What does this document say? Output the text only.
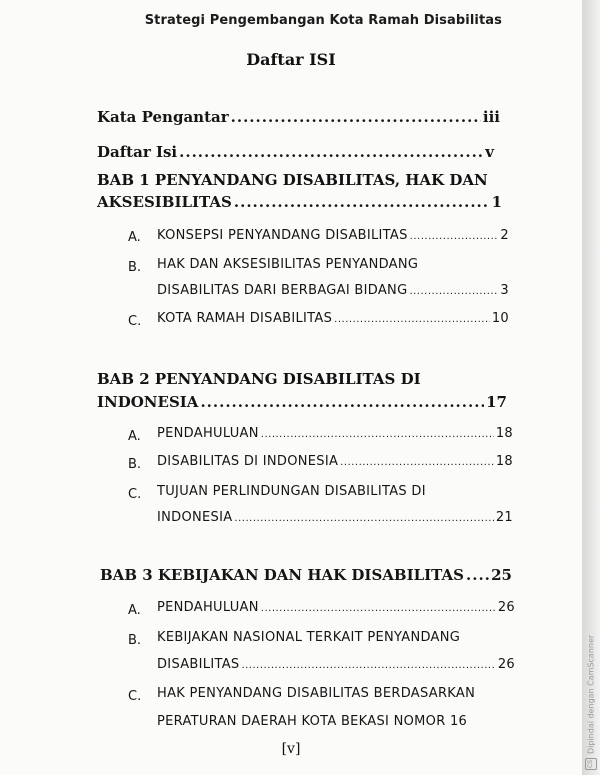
Strategi Pengembangan Kota Ramah Disabilitas
Daftar ISI
Kata Pengantar .....	iii
Daftar Isi .....	v
BAB 1 PENYANDANG DISABILITAS, HAK DAN
AKSESIBILITAS .....	1
A. KONSEPSI PENYANDANG DISABILITAS .....	2
B. HAK DAN AKSESIBILITAS PENYANDANG
DISABILITAS DARI BERBAGAI BIDANG .....	3
C. KOTA RAMAH DISABILITAS .....	10
BAB 2 PENYANDANG DISABILITAS DI
INDONESIA .....	17
A. PENDAHULUAN .....	18
B. DISABILITAS DI INDONESIA .....	18
C. TUJUAN PERLINDUNGAN DISABILITAS DI
INDONESIA .....	21
BAB 3 KEBIJAKAN DAN HAK DISABILITAS ..... 25
A. PENDAHULUAN .....	26
B. KEBIJAKAN NASIONAL TERKAIT PENYANDANG
DISABILITAS .....	26
C. HAK PENYANDANG DISABILITAS BERDASARKAN
PERATURAN DAERAH KOTA BEKASI NOMOR 16
[v]
CS
Dipindai dengan CamScanner
